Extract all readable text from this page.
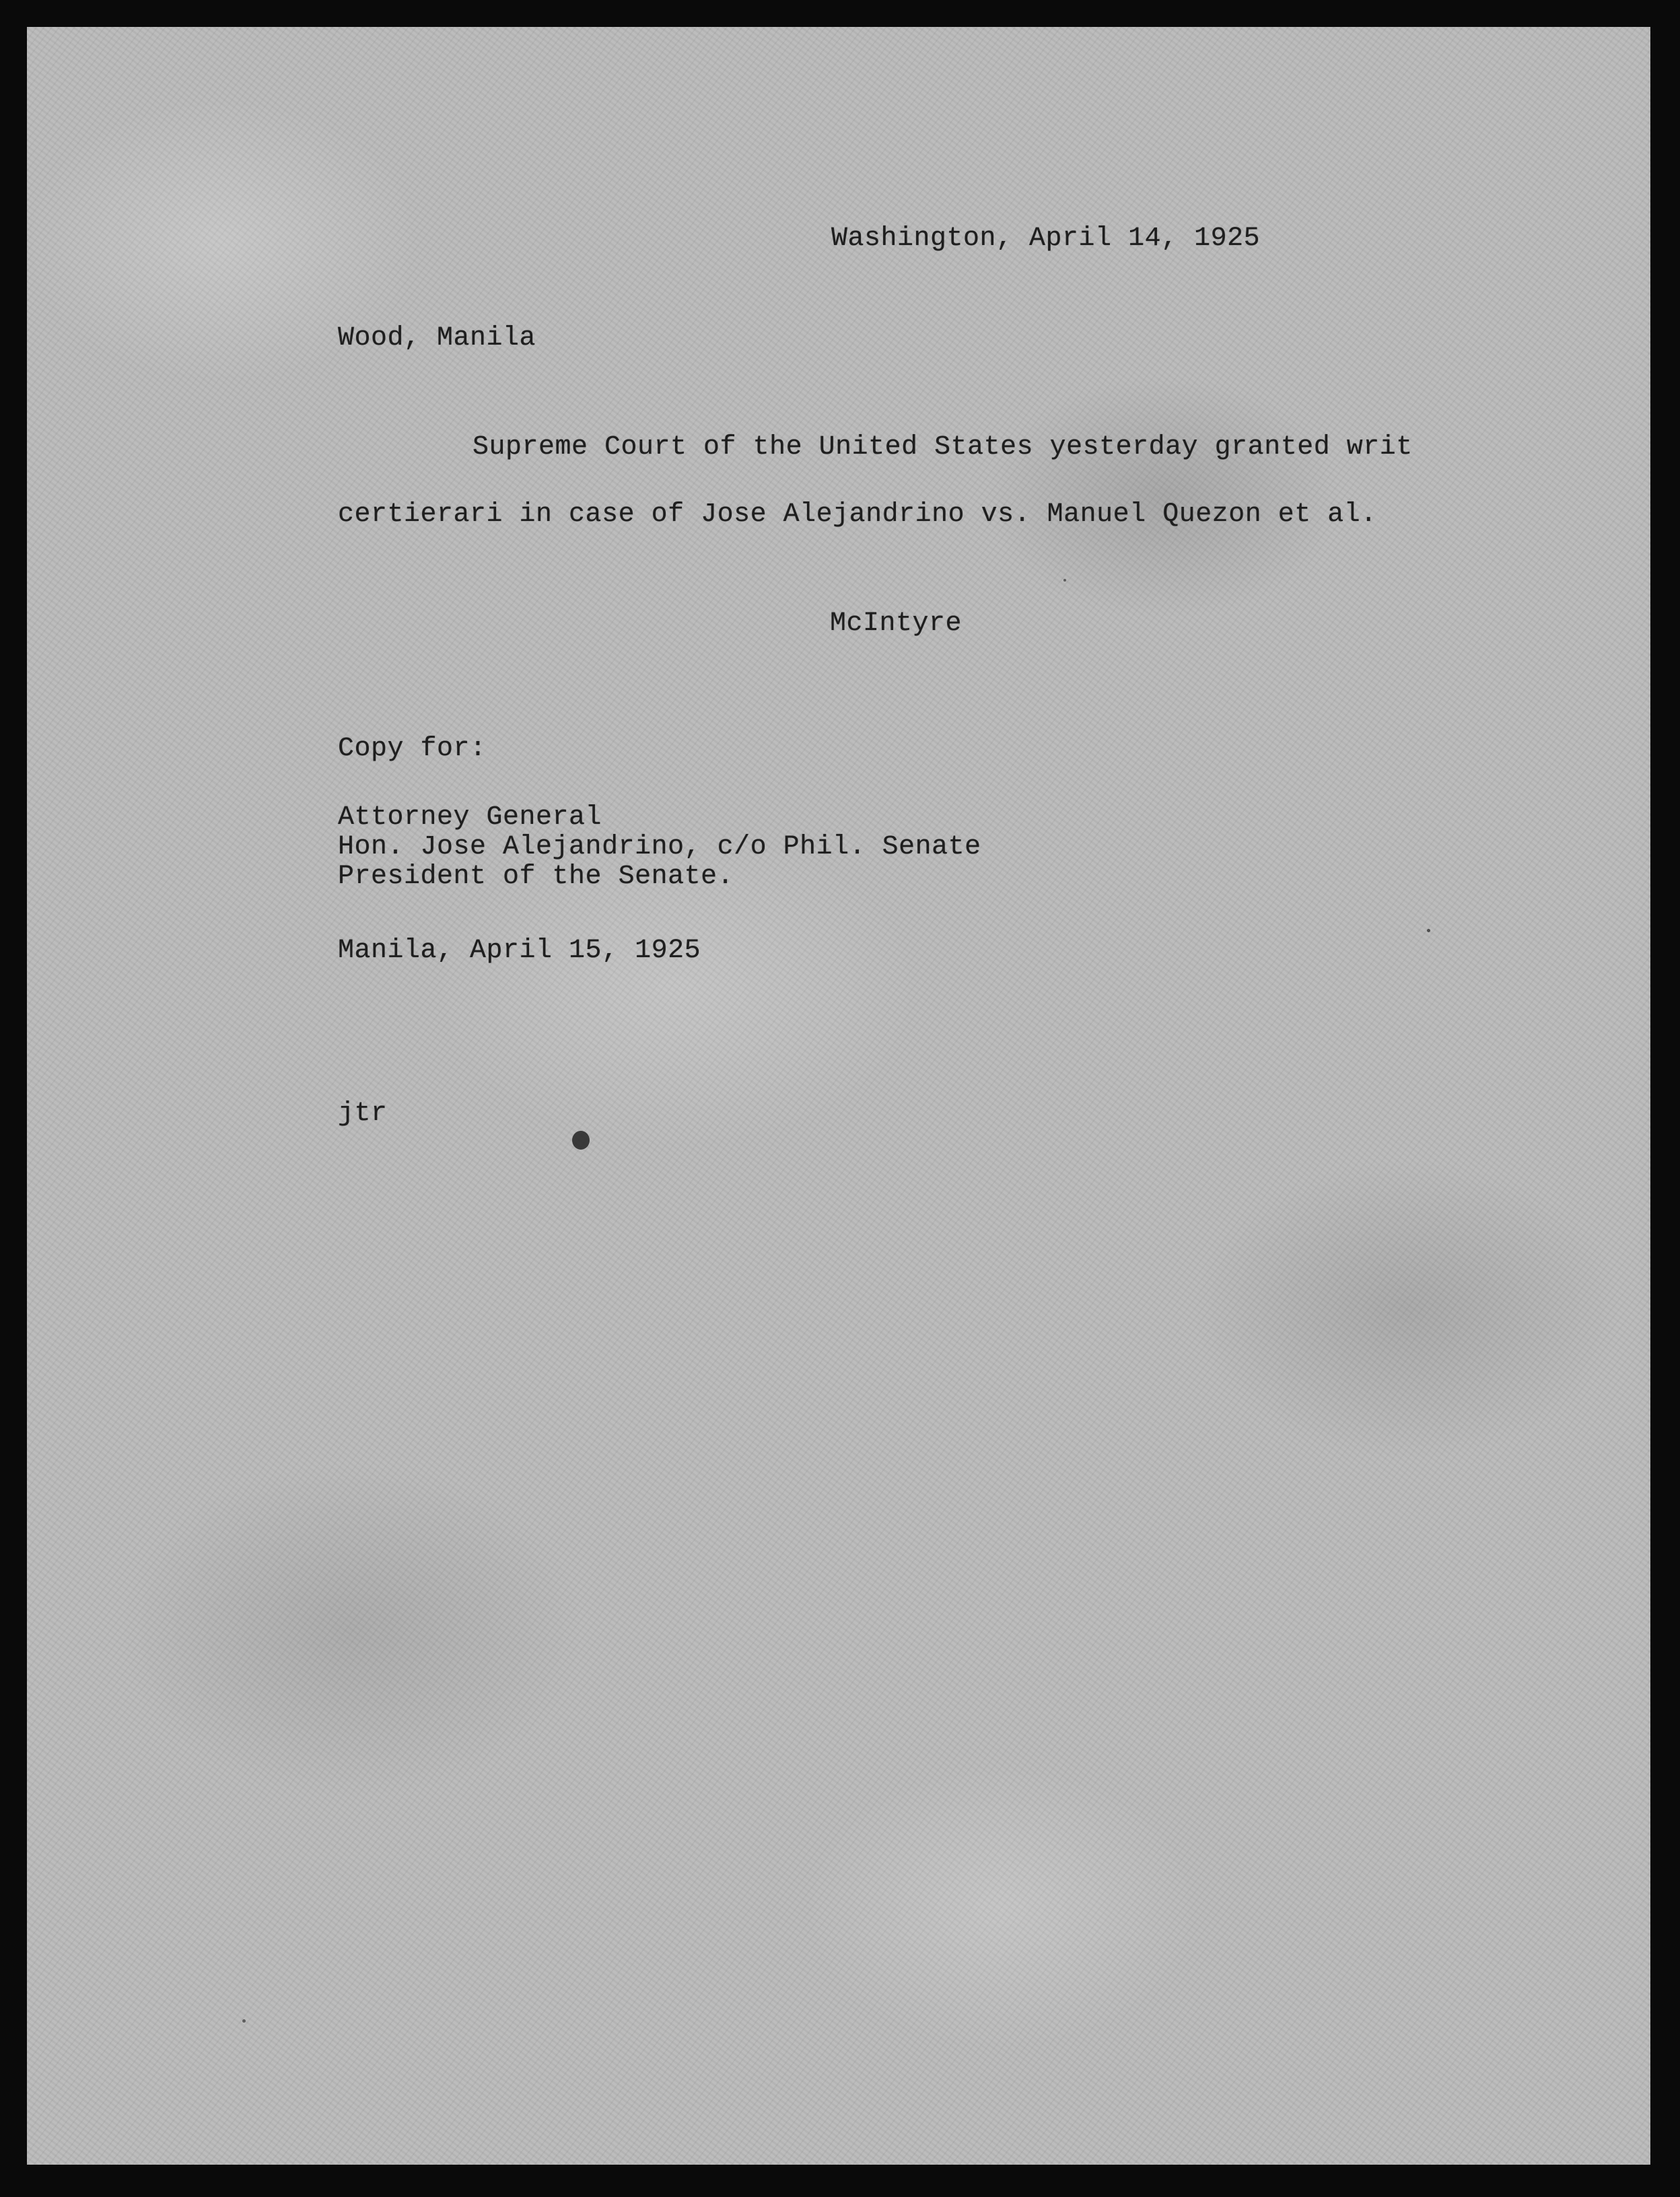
Washington, April 14, 1925
Wood, Manila
Supreme Court of the United States yesterday granted writ
certierari in case of Jose Alejandrino vs. Manuel Quezon et al.
McIntyre
Copy for:
Attorney General
Hon. Jose Alejandrino, c/o Phil. Senate
President of the Senate.
Manila, April 15, 1925
jtr
